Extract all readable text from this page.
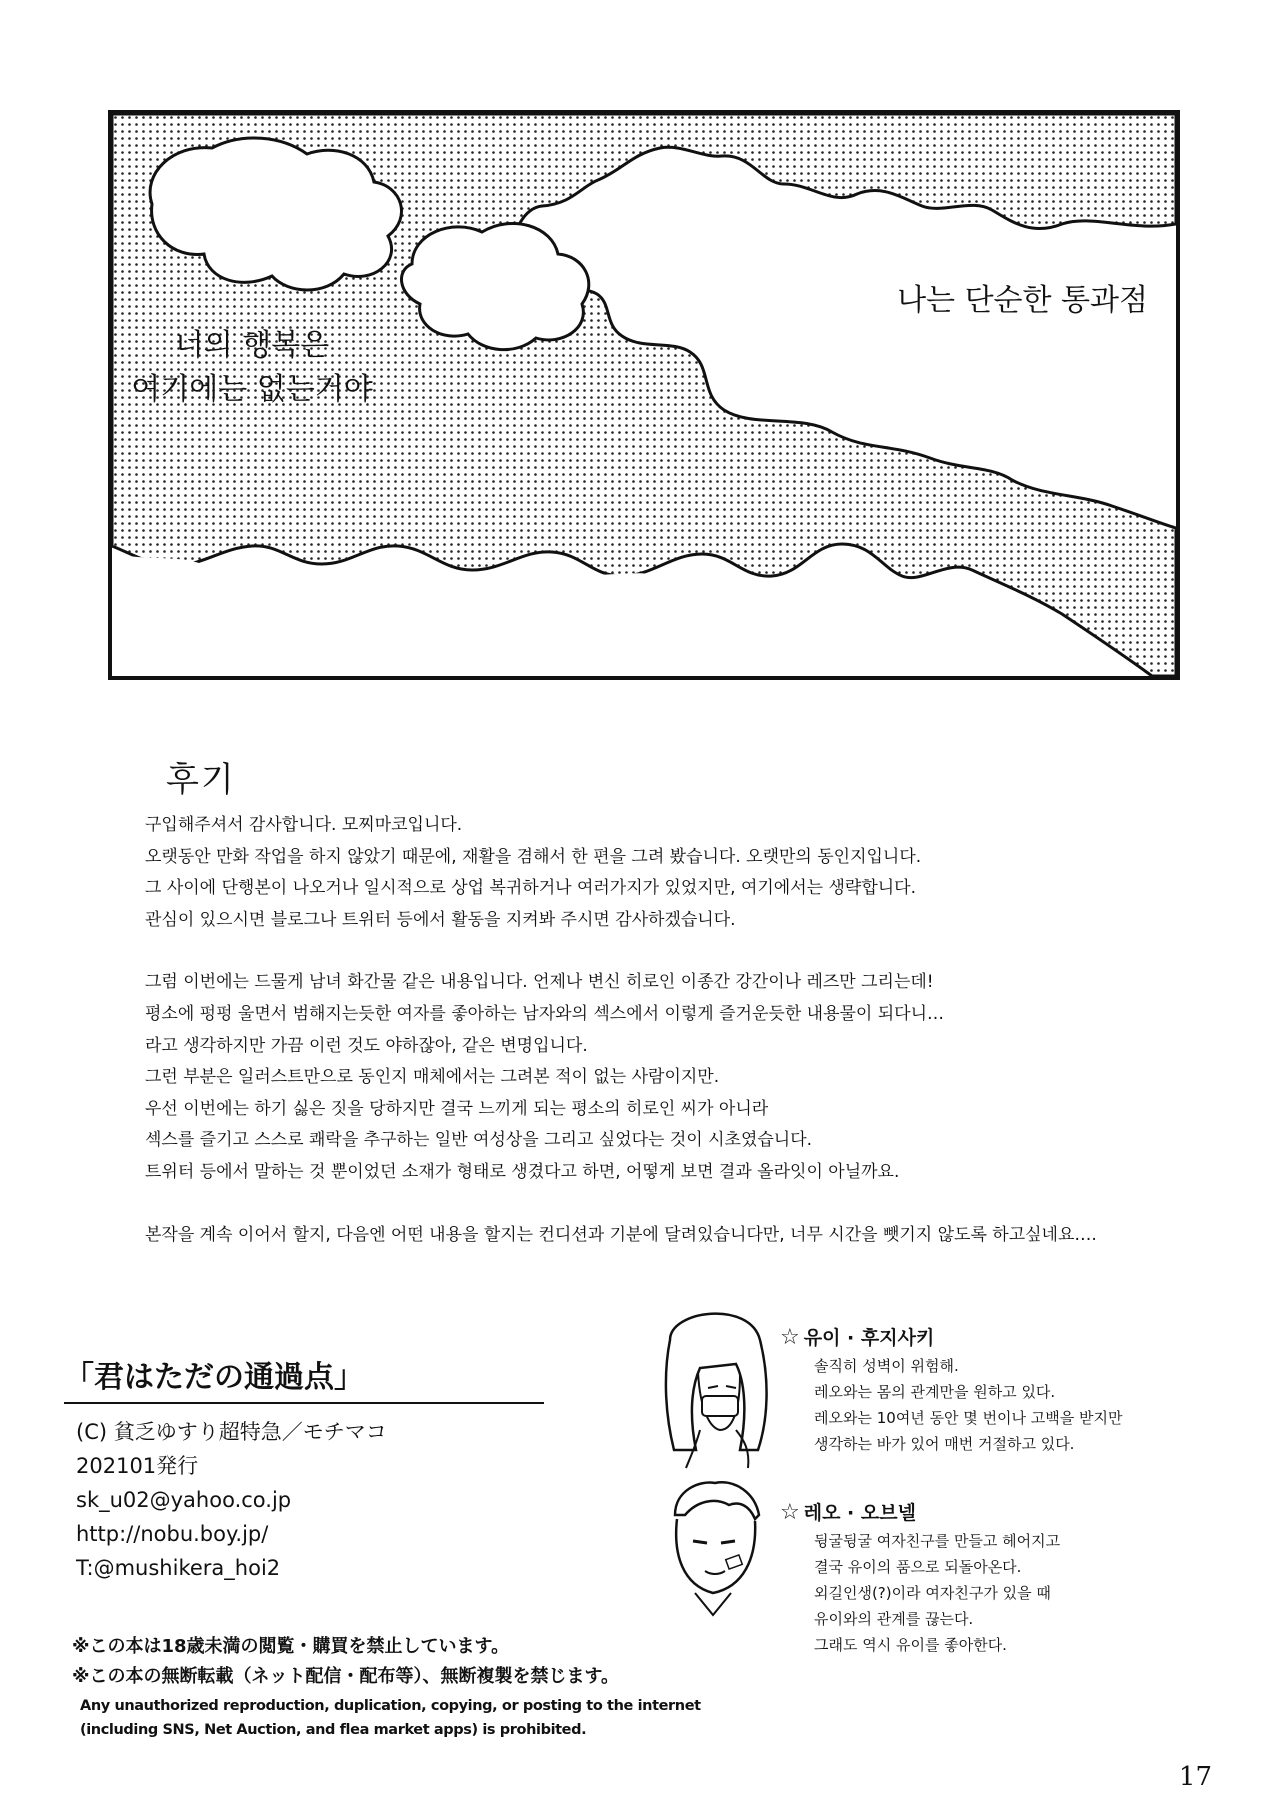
너의 행복은
여기에는 없는거야
나는 단순한 통과점
후기

구입해주셔서 감사합니다. 모찌마코입니다.

오랫동안 만화 작업을 하지 않았기 때문에, 재활을 겸해서 한 편을 그려 봤습니다. 오랫만의 동인지입니다.

그 사이에 단행본이 나오거나 일시적으로 상업 복귀하거나 여러가지가 있었지만, 여기에서는 생략합니다.

관심이 있으시면 블로그나 트위터 등에서 활동을 지켜봐 주시면 감사하겠습니다.

그럼 이번에는 드물게 남녀 화간물 같은 내용입니다. 언제나 변신 히로인 이종간 강간이나 레즈만 그리는데!

평소에 펑펑 울면서 범해지는듯한 여자를 좋아하는 남자와의 섹스에서 이렇게 즐거운듯한 내용물이 되다니…

라고 생각하지만 가끔 이런 것도 야하잖아, 같은 변명입니다.

그런 부분은 일러스트만으로 동인지 매체에서는 그려본 적이 없는 사람이지만.

우선 이번에는 하기 싫은 짓을 당하지만 결국 느끼게 되는 평소의 히로인 씨가 아니라

섹스를 즐기고 스스로 쾌락을 추구하는 일반 여성상을 그리고 싶었다는 것이 시초였습니다.

트위터 등에서 말하는 것 뿐이었던 소재가 형태로 생겼다고 하면, 어떻게 보면 결과 올라잇이 아닐까요.

본작을 계속 이어서 할지, 다음엔 어떤 내용을 할지는 컨디션과 기분에 달려있습니다만, 너무 시간을 뺏기지 않도록 하고싶네요….

「君はただの通過点」
(C) 貧乏ゆすり超特急／モチマコ
202101発行
sk_u02@yahoo.co.jp
http://nobu.boy.jp/
T:@mushikera_hoi2
※この本は18歳未満の閲覧・購買を禁止しています。
※この本の無断転載（ネット配信・配布等）、無断複製を禁じます。
Any unauthorized reproduction, duplication, copying, or posting to the internet
(including SNS, Net Auction, and flea market apps) is prohibited.
☆ 유이 · 후지사키
솔직히 성벽이 위험해.
레오와는 몸의 관계만을 원하고 있다.
레오와는 10여년 동안 몇 번이나 고백을 받지만
생각하는 바가 있어 매번 거절하고 있다.
☆ 레오 · 오브넬
뒹굴뒹굴 여자친구를 만들고 헤어지고
결국 유이의 품으로 되돌아온다.
외길인생(?)이라 여자친구가 있을 때
유이와의 관계를 끊는다.
그래도 역시 유이를 좋아한다.
17
